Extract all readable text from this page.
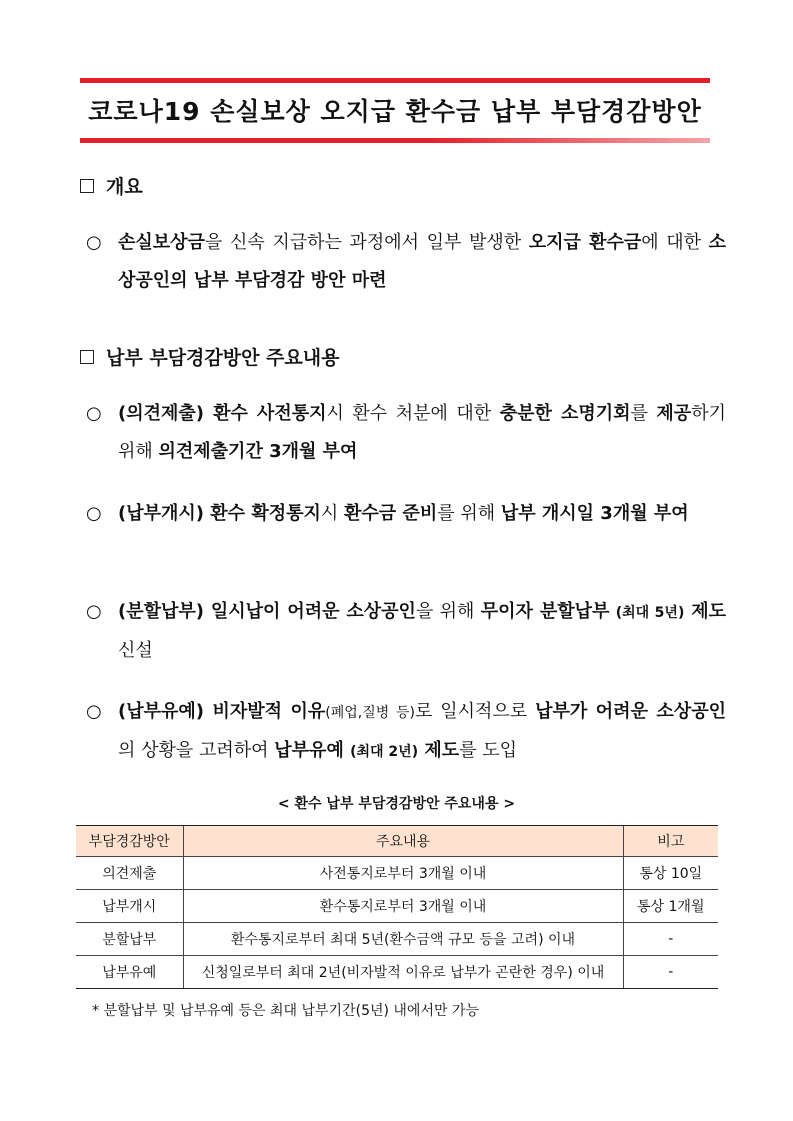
코로나19 손실보상 오지급 환수금 납부 부담경감방안
개요
○ 손실보상금을 신속 지급하는 과정에서 일부 발생한 오지급 환수금에 대한 소상공인의 납부 부담경감 방안 마련
납부 부담경감방안 주요내용
○ (의견제출) 환수 사전통지시 환수 처분에 대한 충분한 소명기회를 제공하기 위해 의견제출기간 3개월 부여
○ (납부개시) 환수 확정통지시 환수금 준비를 위해 납부 개시일 3개월 부여
○ (분할납부) 일시납이 어려운 소상공인을 위해 무이자 분할납부 (최대 5년) 제도 신설
○ (납부유예) 비자발적 이유(폐업,질병 등)로 일시적으로 납부가 어려운 소상공인의 상황을 고려하여 납부유예 (최대 2년) 제도를 도입
< 환수 납부 부담경감방안 주요내용 >
부담경감방안	주요내용	비고
의견제출	사전통지로부터 3개월 이내	통상 10일
납부개시	환수통지로부터 3개월 이내	통상 1개월
분할납부	환수통지로부터 최대 5년(환수금액 규모 등을 고려) 이내	-
납부유예	신청일로부터 최대 2년(비자발적 이유로 납부가 곤란한 경우) 이내	-
* 분할납부 및 납부유예 등은 최대 납부기간(5년) 내에서만 가능
